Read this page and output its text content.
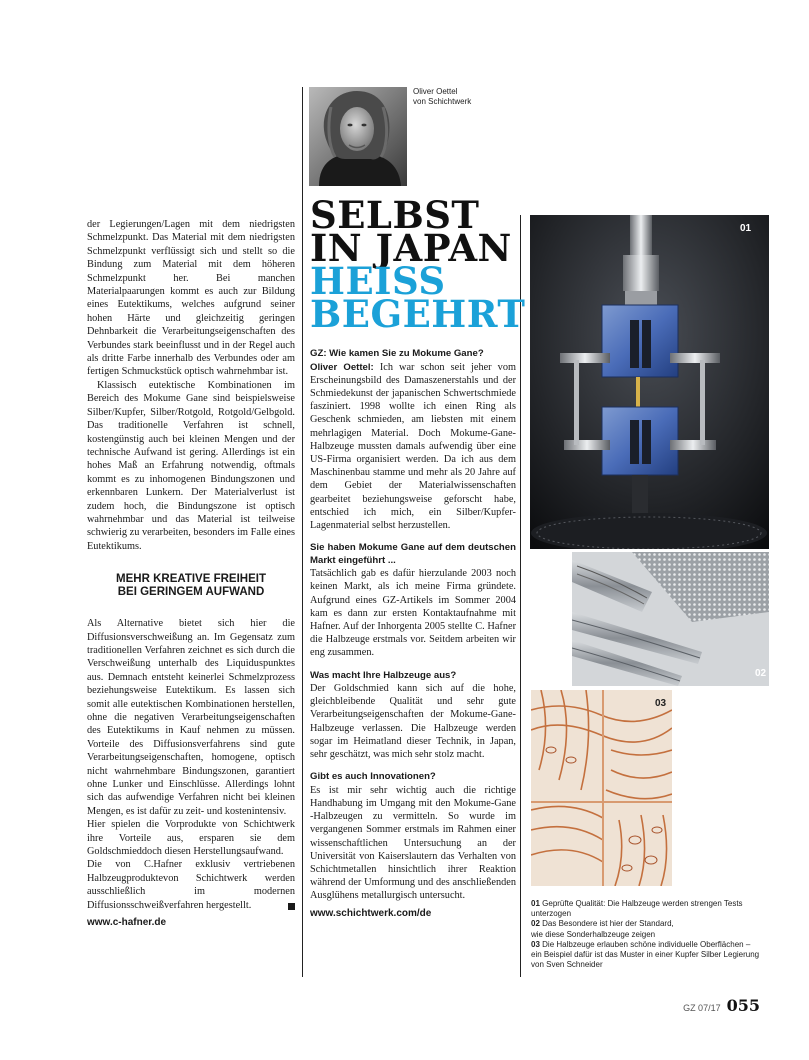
der Legierungen/Lagen mit dem niedrigsten Schmelzpunkt. Das Material mit dem niedrigsten Schmelzpunkt verflüssigt sich und stellt so die Bindung zum Material mit dem höheren Schmelzpunkt her. Bei manchen Materialpaarungen kommt es auch zur Bildung eines Eutektikums, welches aufgrund seiner hohen Härte und gleichzeitig geringen Dehnbarkeit die Verarbeitungseigenschaften des Verbundes stark beeinflusst und in der Regel auch als dritte Farbe innerhalb des Verbundes oder am fertigen Schmuckstück optisch wahrnehmbar ist.

Klassisch eutektische Kombinationen im Bereich des Mokume Gane sind beispielsweise Silber/Kupfer, Silber/Rotgold, Rotgold/Gelbgold. Das traditionelle Verfahren ist schnell, kostengünstig auch bei kleinen Mengen und der technische Aufwand ist gering. Allerdings ist ein hohes Maß an Erfahrung notwendig, oftmals kommt es zu inhomogenen Bindungszonen und erkennbaren Lunkern. Der Materialverlust ist zudem hoch, die Bindungszone ist optisch wahrnehmbar und das Material ist teilweise schwierig zu verarbeiten, besonders im Falle eines Eutektikums.

MEHR KREATIVE FREIHEIT
BEI GERINGEM AUFWAND

Als Alternative bietet sich hier die Diffusionsverschweißung an. Im Gegensatz zum traditionellen Verfahren zeichnet es sich durch die Verschweißung unterhalb des Liquiduspunktes aus. Demnach entsteht keinerlei Schmelzprozess beziehungsweise Eutektikum. Es lassen sich somit alle eutektischen Kombinationen herstellen, ohne die negativen Verarbeitungseigenschaften des Eutektikums in Kauf nehmen zu müssen. Vorteile des Diffusionsverfahrens sind gute Verarbeitungseigenschaften, homogene, optisch nicht wahrnehmbare Bindungszonen, garantiert ohne Lunker und Einschlüsse. Allerdings lohnt sich das aufwendige Verfahren nicht bei kleinen Mengen, es ist dafür zu zeit- und kostenintensiv.

Hier spielen die Vorprodukte von Schichtwerk ihre Vorteile aus, ersparen sie dem Goldschmieddoch diesen Herstellungsaufwand.

Die von C.Hafner exklusiv vertriebenen Halbzeugproduktevon Schichtwerk werden ausschließlich im modernen Diffusionsschweißverfahren hergestellt.

www.c-hafner.de
Oliver Oettel
von Schichtwerk
SELBST
IN JAPAN
HEISS
BEGEHRT
GZ: Wie kamen Sie zu Mokume Gane?

Oliver Oettel: Ich war schon seit jeher vom Erscheinungsbild des Damaszenerstahls und der Schmiedekunst der japanischen Schwertschmiede fasziniert. 1998 wollte ich einen Ring als Geschenk schmieden, am liebsten mit einem mehrlagigen Material. Doch Mokume-Gane-Halbzeuge mussten damals aufwendig über eine US-Firma organisiert werden. Da ich aus dem Maschinenbau stamme und mehr als 20 Jahre auf dem Gebiet der Materialwissenschaften gearbeitet beziehungsweise geforscht habe, entschied ich mich, ein Silber/Kupfer-Lagenmaterial selbst herzustellen.

Sie haben Mokume Gane auf dem deutschen Markt eingeführt ...

Tatsächlich gab es dafür hierzulande 2003 noch keinen Markt, als ich meine Firma gründete. Aufgrund eines GZ-Artikels im Sommer 2004 kam es dann zur ersten Kontaktaufnahme mit Hafner. Auf der Inhorgenta 2005 stellte C. Hafner die Halbzeuge erstmals vor. Seitdem arbeiten wir eng zusammen.

Was macht Ihre Halbzeuge aus?

Der Goldschmied kann sich auf die hohe, gleichbleibende Qualität und sehr gute Verarbeitungseigenschaften der Mokume-Gane-Halbzeuge verlassen. Die Halbzeuge werden sogar im Heimatland dieser Technik, in Japan, sehr geschätzt, was mich sehr stolz macht.

Gibt es auch Innovationen?

Es ist mir sehr wichtig auch die richtige Handhabung im Umgang mit den Mokume-Gane -Halbzeugen zu vermitteln. So wurde im vergangenen Sommer erstmals im Rahmen einer wissenschaftlichen Untersuchung an der Universität von Kaiserslautern das Verhalten von Schichtmetallen hinsichtlich ihrer Reaktion während der Umformung und des anschließenden Ausglühens metallurgisch untersucht.

www.schichtwerk.com/de
01
02
03
01 Geprüfte Qualität: Die Halbzeuge werden strengen Tests unterzogen
02 Das Besondere ist hier der Standard,
wie diese Sonderhalbzeuge zeigen
03 Die Halbzeuge erlauben schöne individuelle Oberflächen – ein Beispiel dafür ist das Muster in einer Kupfer Silber Legierung von Sven Schneider
GZ 07/17 055
